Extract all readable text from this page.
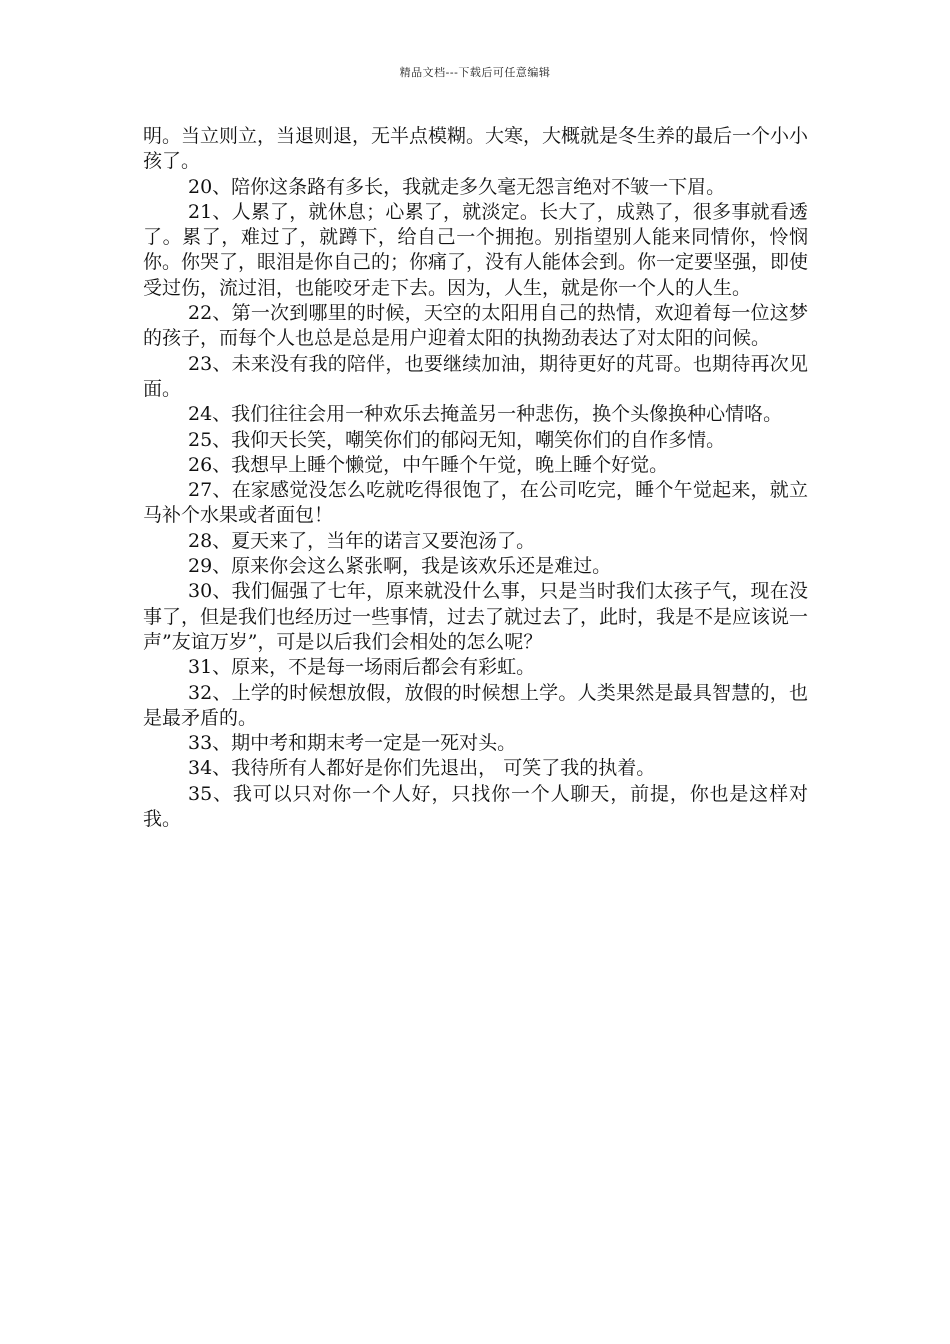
精品文档---下载后可任意编辑

明。当立则立，当退则退，无半点模糊。大寒，大概就是冬生养的最后一个小小孩了。

20、陪你这条路有多长，我就走多久毫无怨言绝对不皱一下眉。

21、人累了，就休息；心累了，就淡定。长大了，成熟了，很多事就看透了。累了，难过了，就蹲下，给自己一个拥抱。别指望别人能来同情你，怜悯你。你哭了，眼泪是你自己的；你痛了，没有人能体会到。你一定要坚强，即使受过伤，流过泪，也能咬牙走下去。因为，人生，就是你一个人的人生。

22、第一次到哪里的时候，天空的太阳用自己的热情，欢迎着每一位这梦的孩子，而每个人也总是总是用户迎着太阳的执拗劲表达了对太阳的问候。

23、未来没有我的陪伴，也要继续加油，期待更好的芃哥。也期待再次见面。

24、我们往往会用一种欢乐去掩盖另一种悲伤，换个头像换种心情咯。

25、我仰天长笑，嘲笑你们的郁闷无知，嘲笑你们的自作多情。

26、我想早上睡个懒觉，中午睡个午觉，晚上睡个好觉。

27、在家感觉没怎么吃就吃得很饱了，在公司吃完，睡个午觉起来，就立马补个水果或者面包！

28、夏天来了，当年的诺言又要泡汤了。

29、原来你会这么紧张啊，我是该欢乐还是难过。

30、我们倔强了七年，原来就没什么事，只是当时我们太孩子气，现在没事了，但是我们也经历过一些事情，过去了就过去了，此时，我是不是应该说一声”友谊万岁”，可是以后我们会相处的怎么呢？

31、原来，不是每一场雨后都会有彩虹。

32、上学的时候想放假，放假的时候想上学。人类果然是最具智慧的，也是最矛盾的。

33、期中考和期末考一定是一死对头。

34、我待所有人都好是你们先退出， 可笑了我的执着。

35、我可以只对你一个人好，只找你一个人聊天，前提，你也是这样对我。
